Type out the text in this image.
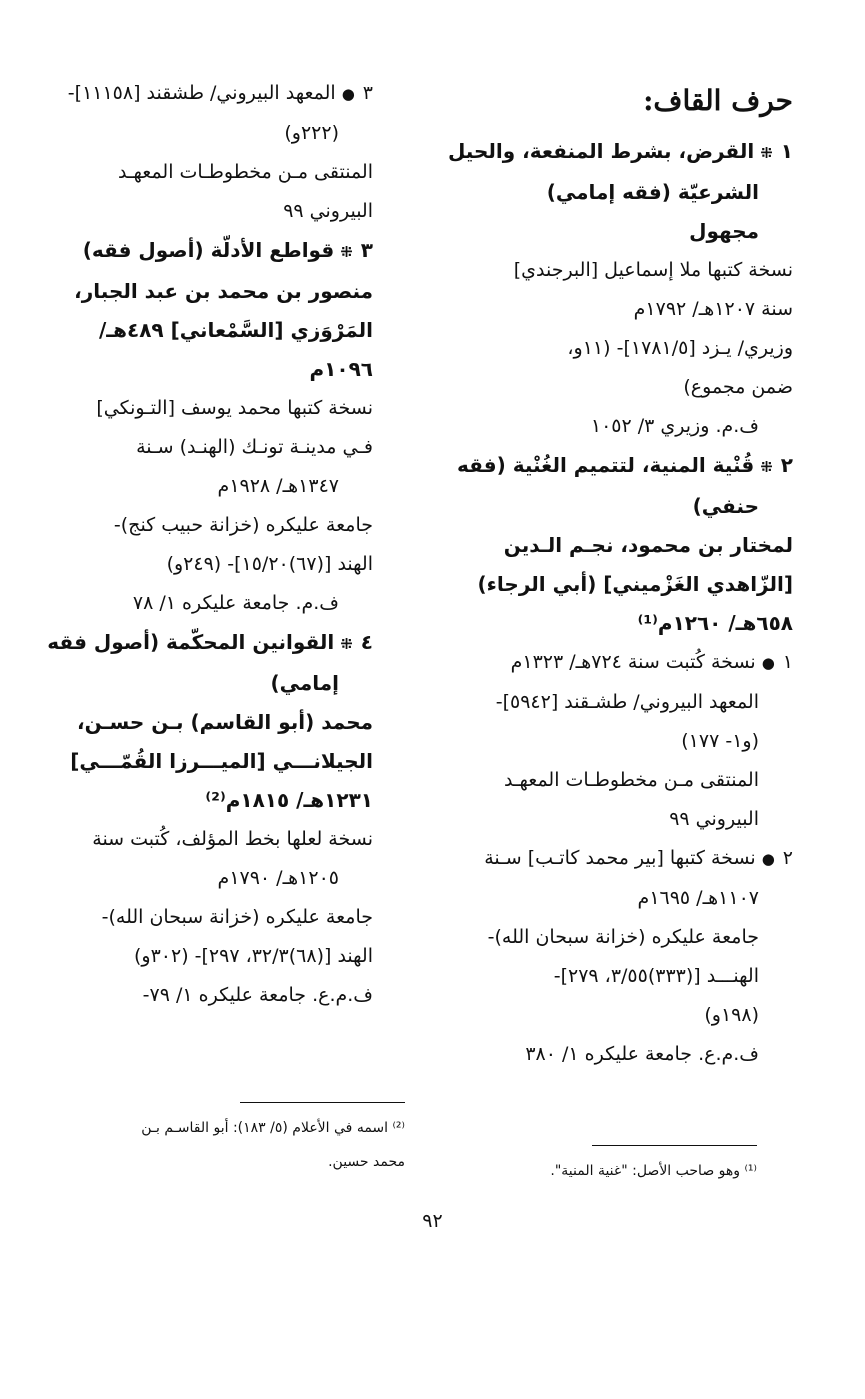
حرف القاف:
١⁜القرض، بشرط المنفعة، والحيل
الشرعيّة (فقه إمامي)
مجهول
نسخة كتبها ملا إسماعيل [البرجندي]
سنة ١٢٠٧هـ/ ١٧٩٢م
وزيري/ يـزد [١٧٨١/٥]- (١١و،
ضمن مجموع)
ف.م. وزيري ٣/ ١٠٥٢
٢⁜قُنْية المنية، لتتميم الغُنْية (فقه
حنفي)
لمختار بن محمود، نجـم الـدين
[الزّاهدي الغَزْميني] (أبي الرجاء)
٦٥٨هـ/ ١٢٦٠م⁽¹⁾
١●نسخة كُتبت سنة ٧٢٤هـ/ ١٣٢٣م
المعهد البيروني/ طشـقند [٥٩٤٢]-
(و١- ١٧٧)
المنتقى مـن مخطوطـات المعهـد
البيروني ٩٩
٢●نسخة كتبها [بير محمد كاتـب] سـنة
١١٠٧هـ/ ١٦٩٥م
جامعة عليكره (خزانة سبحان الله)-
الهنـــد [(٣٣٣)٣/٥٥، ٢٧٩]-
(١٩٨و)
ف.م.ع. جامعة عليكره ١/ ٣٨٠
٣●المعهد البيروني/ طشقند [١١١٥٨]-
(٢٢٢و)
المنتقى مـن مخطوطـات المعهـد
البيروني ٩٩
٣⁜قواطع الأدلّة (أصول فقه)
منصور بن محمد بن عبد الجبار،
المَرْوَزي [السَّمْعاني] ٤٨٩هـ/
١٠٩٦م
نسخة كتبها محمد يوسف [التـونكي]
فـي مدينـة تونـك (الهنـد) سـنة
١٣٤٧هـ/ ١٩٢٨م
جامعة عليكره (خزانة حبيب كنج)-
الهند [(٦٧)١٥/٢٠]- (٢٤٩و)
ف.م. جامعة عليكره ١/ ٧٨
٤⁜القوانين المحكّمة (أصول فقه
إمامي)
محمد (أبو القاسم) بـن حسـن،
الجيلانـــي [الميـــرزا القُمّـــي]
١٢٣١هـ/ ١٨١٥م⁽²⁾
نسخة لعلها بخط المؤلف، كُتبت سنة
١٢٠٥هـ/ ١٧٩٠م
جامعة عليكره (خزانة سبحان الله)-
الهند [(٦٨)٣٢/٣، ٢٩٧]- (٣٠٢و)
ف.م.ع. جامعة عليكره ١/ ٧٩-
⁽¹⁾ وهو صاحب الأصل: "غنية المنية".
⁽²⁾ اسمه في الأعلام (٥/ ١٨٣): أبو القاسـم بـن
محمد حسين.
٩٢
